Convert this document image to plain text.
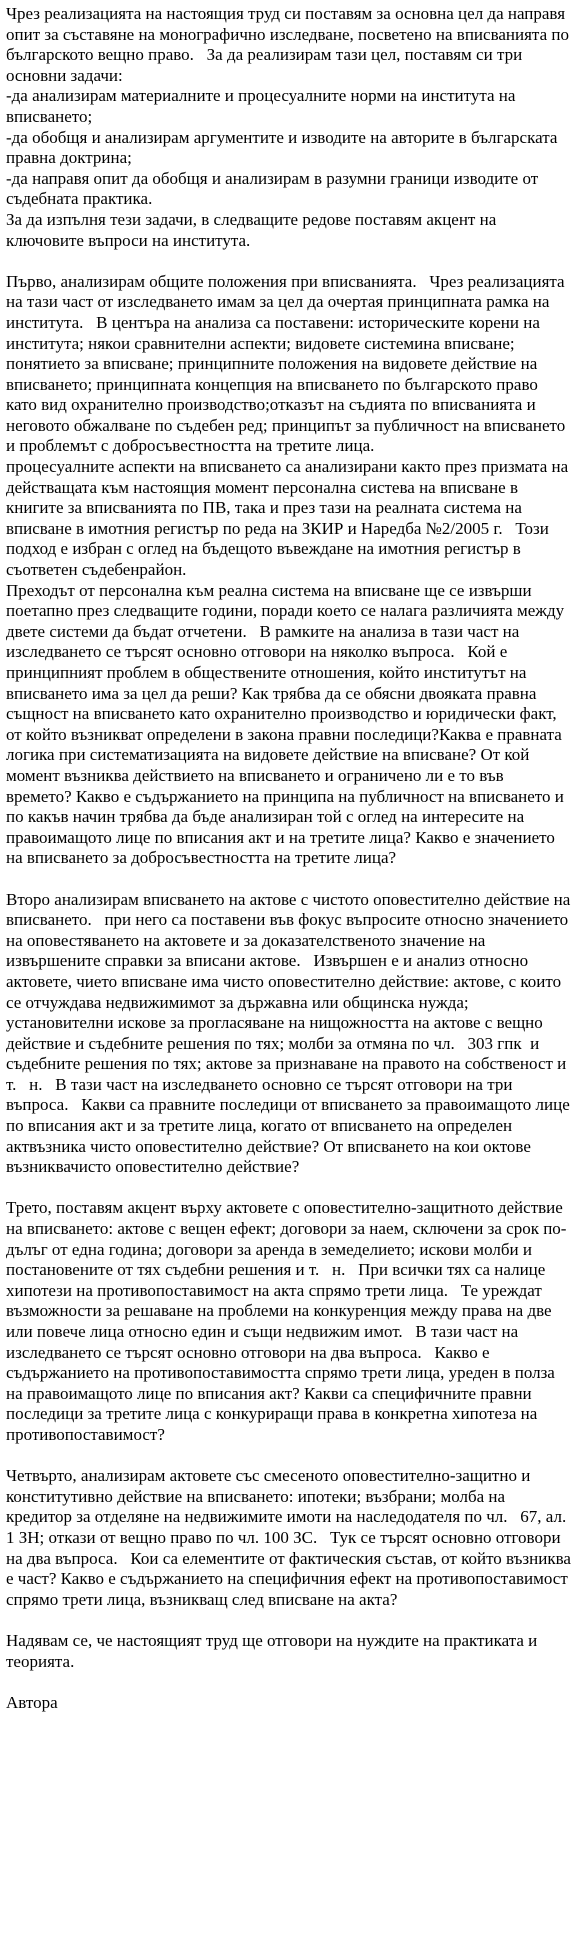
Чрез реализацията на настоящия труд си поставям за основна цел да направя опит за съставяне на монографично изследване, посветено на вписванията по българското вещно право.   За да реализирам тази цел, поставям си три основни задачи:
-да анализирам материалните и процесуалните норми на института на вписването;
-да обобщя и анализирам аргументите и изводите на авторите в българската правна доктрина;
-да направя опит да обобщя и анализирам в разумни граници изводите от съдебната практика.
За да изпълня тези задачи, в следващите редове поставям акцент на ключовите въпроси на института.

Първо, анализирам общите положения при вписванията.   Чрез реализацията на тази част от изследването имам за цел да очертая принципната рамка на института.   В центъра на анализа са поставени: историческите корени на института; някои сравнителни аспекти; видовете системина вписване; понятието за вписване; принципните положения на видовете действие на вписването; принципната концепция на вписването по българското право като вид охранително производство;отказът на съдията по вписванията и неговото обжалване по съдебен ред; принципът за публичност на вписването и проблемът с добросъвестността на третите лица.
процесуалните аспекти на вписването са анализирани както през призмата на действащата към настоящия момент персонална систева на вписване в книгите за вписванията по ПВ, така и през тази на реалната система на вписване в имотния регистър по реда на ЗКИР и Наредба №2/2005 г.   Този подход е избран с оглед на бъдещото въвеждане на имотния регистър в съответен съдебенрайон.
Преходът от персонална към реална система на вписване ще се извърши поетапно през следващите години, поради което се налага различията между двете системи да бъдат отчетени.   В рамките на анализа в тази част на изследването се търсят основно отговори на няколко въпроса.   Кой е принципният проблем в обществените отношения, който институтът на вписването има за цел да реши? Как трябва да се обясни двояката правна същност на вписването като охранително производство и юридически факт, от който възникват определени в закона правни последици?Каква е правната логика при систематизацията на видовете действие на вписване? От кой момент възниква действието на вписването и ограничено ли е то във времето? Какво е съдържанието на принципа на публичност на вписването и по какъв начин трябва да бъде анализиран той с оглед на интересите на правоимащото лице по вписания акт и на третите лица? Какво е значението на вписването за добросъвестността на третите лица?

Второ анализирам вписването на актове с чистото оповестително действие на вписването.   при него са поставени във фокус въпросите относно значението на оповестяването на актовете и за доказателственото значение на извършените справки за вписани актове.   Извършен е и анализ относно актовете, чието вписване има чисто оповестително действие: актове, с които се отчуждава недвижимимот за държавна или общинска нужда; установителни искове за прогласяване на нищожността на актове с вещно действие и съдебните решения по тях; молби за отмяна по чл.   303 гпк  и съдебните решения по тях; актове за признаване на правото на собственост и т.   н.   В тази част на изследването основно се търсят отговори на три въпроса.   Какви са правните последици от вписването за правоимащото лице по вписания акт и за третите лица, когато от вписването на определен актвъзника чисто оповестително действие? От вписването на кои октове възниквачисто оповестително действие?

Трето, поставям акцент върху актовете с оповестително-защитното действие на вписването: актове с вещен ефект; договори за наем, сключени за срок по-дълъг от една година; договори за аренда в земеделието; искови молби и постановените от тях съдебни решения и т.   н.   При всички тях са налице хипотези на противопоставимост на акта спрямо трети лица.   Те уреждат възможности за решаване на проблеми на конкуренция между права на две или повече лица относно един и същи недвижим имот.   В тази част на изследването се търсят основно отговори на два въпроса.   Какво е съдържанието на противопоставимостта спрямо трети лица, уреден в полза на правоимащото лице по вписания акт? Какви са специфичните правни последици за третите лица с конкуриращи права в конкретна хипотеза на противопоставимост?

Четвърто, анализирам актовете със смесеното оповестително-защитно и конститутивно действие на вписването: ипотеки; възбрани; молба на кредитор за отделяне на недвижимите имоти на наследодателя по чл.   67, ал.   1 ЗН; откази от вещно право по чл. 100 ЗС.   Тук се търсят основно отговори на два въпроса.   Кои са елементите от фактическия състав, от който възниква е част? Какво е съдържанието на специфичния ефект на противопоставимост спрямо трети лица, възникващ след вписване на акта?

Надявам се, че настоящият труд ще отговори на нуждите на практиката и теорията.

Автора
